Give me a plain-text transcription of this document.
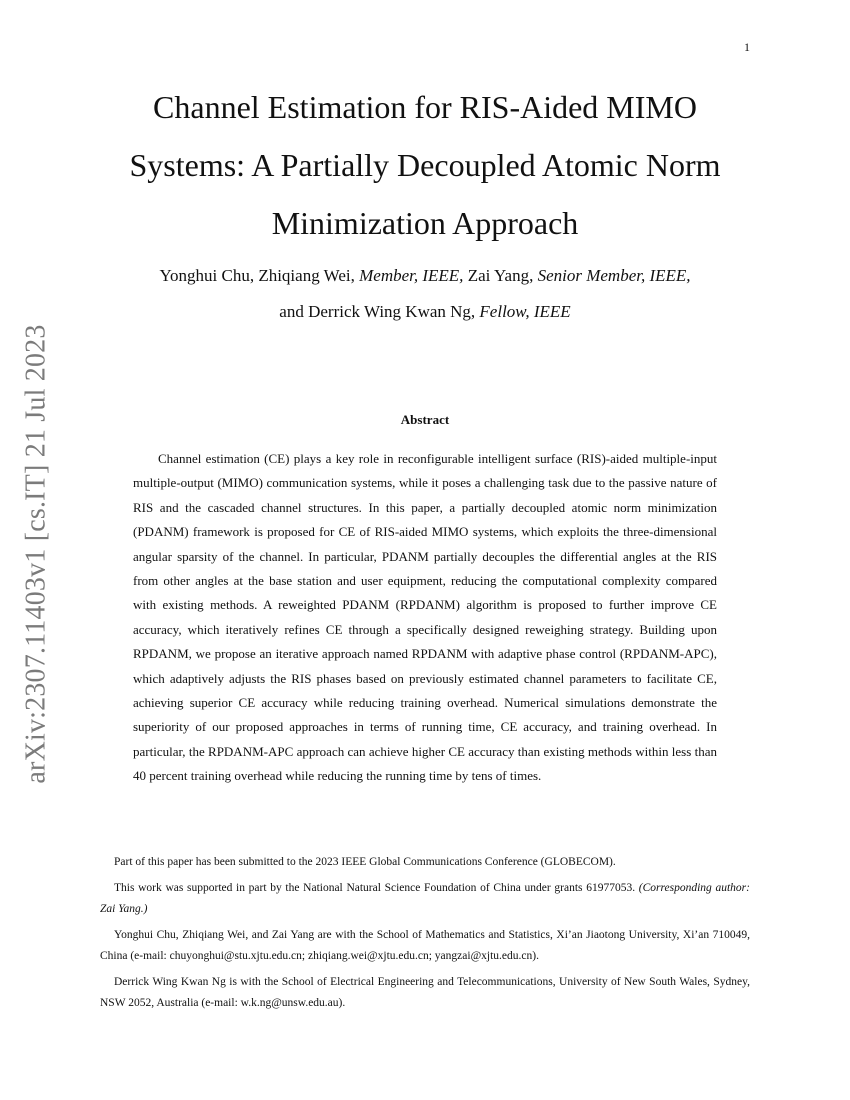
1
arXiv:2307.11403v1 [cs.IT] 21 Jul 2023
Channel Estimation for RIS-Aided MIMO Systems: A Partially Decoupled Atomic Norm Minimization Approach

Yonghui Chu, Zhiqiang Wei, Member, IEEE, Zai Yang, Senior Member, IEEE,
and Derrick Wing Kwan Ng, Fellow, IEEE

Abstract

Channel estimation (CE) plays a key role in reconfigurable intelligent surface (RIS)-aided multiple-input multiple-output (MIMO) communication systems, while it poses a challenging task due to the passive nature of RIS and the cascaded channel structures. In this paper, a partially decoupled atomic norm minimization (PDANM) framework is proposed for CE of RIS-aided MIMO systems, which exploits the three-dimensional angular sparsity of the channel. In particular, PDANM partially decouples the differential angles at the RIS from other angles at the base station and user equipment, reducing the computational complexity compared with existing methods. A reweighted PDANM (RPDANM) algorithm is proposed to further improve CE accuracy, which iteratively refines CE through a specifically designed reweighing strategy. Building upon RPDANM, we propose an iterative approach named RPDANM with adaptive phase control (RPDANM-APC), which adaptively adjusts the RIS phases based on previously estimated channel parameters to facilitate CE, achieving superior CE accuracy while reducing training overhead. Numerical simulations demonstrate the superiority of our proposed approaches in terms of running time, CE accuracy, and training overhead. In particular, the RPDANM-APC approach can achieve higher CE accuracy than existing methods within less than 40 percent training overhead while reducing the running time by tens of times.

Part of this paper has been submitted to the 2023 IEEE Global Communications Conference (GLOBECOM).

This work was supported in part by the National Natural Science Foundation of China under grants 61977053. (Corresponding author: Zai Yang.)

Yonghui Chu, Zhiqiang Wei, and Zai Yang are with the School of Mathematics and Statistics, Xi’an Jiaotong University, Xi’an 710049, China (e-mail: chuyonghui@stu.xjtu.edu.cn; zhiqiang.wei@xjtu.edu.cn; yangzai@xjtu.edu.cn).

Derrick Wing Kwan Ng is with the School of Electrical Engineering and Telecommunications, University of New South Wales, Sydney, NSW 2052, Australia (e-mail: w.k.ng@unsw.edu.au).
